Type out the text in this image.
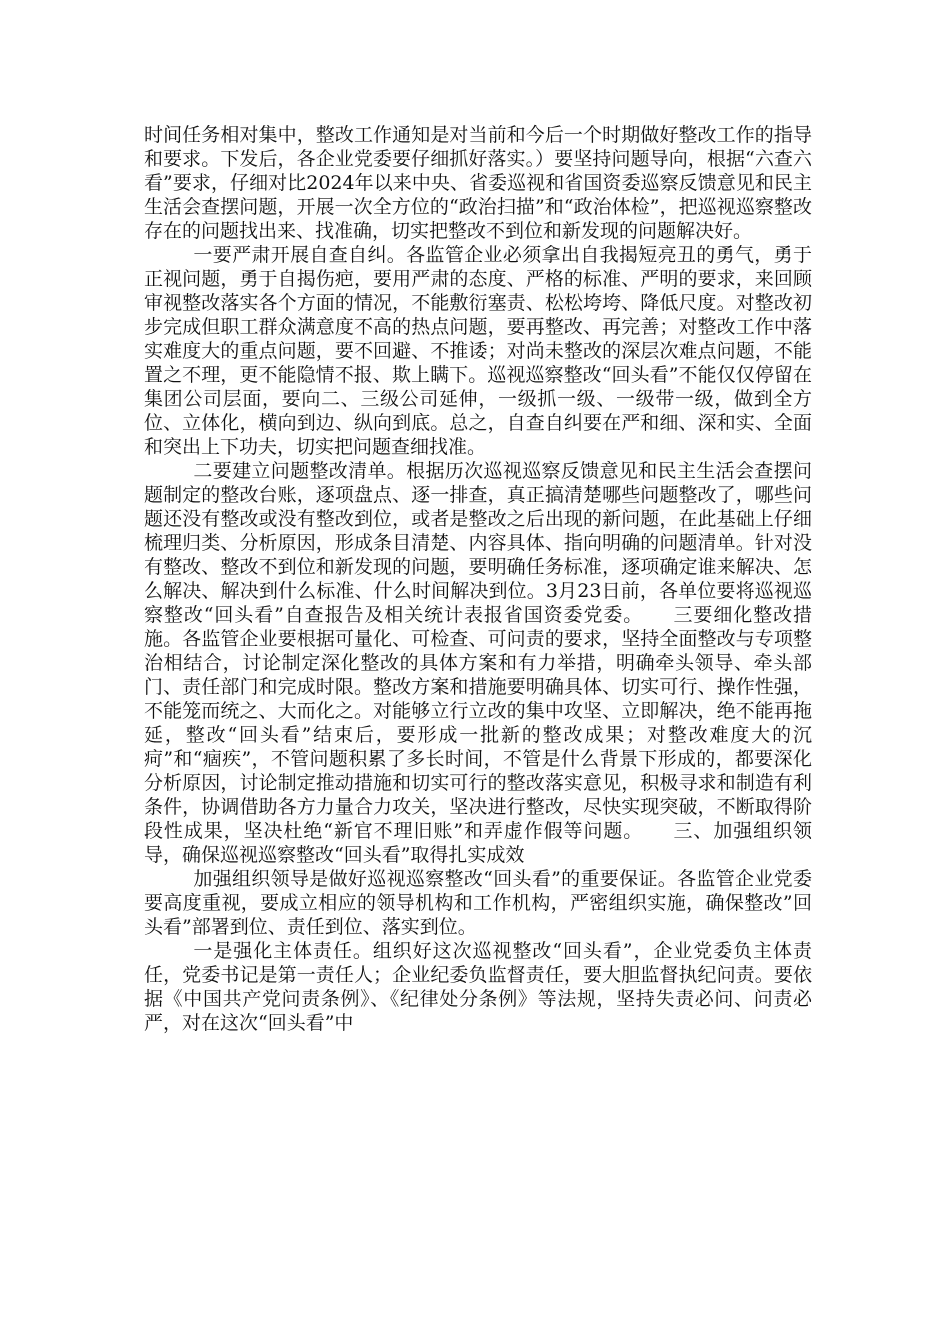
时间任务相对集中，整改工作通知是对当前和今后一个时期做好整改工作的指导和要求。下发后，各企业党委要仔细抓好落实。）要坚持问题导向，根据“六查六看”要求，仔细对比2024年以来中央、省委巡视和省国资委巡察反馈意见和民主生活会查摆问题，开展一次全方位的“政治扫描”和“政治体检”，把巡视巡察整改存在的问题找出来、找准确，切实把整改不到位和新发现的问题解决好。

一要严肃开展自查自纠。各监管企业必须拿出自我揭短亮丑的勇气，勇于正视问题，勇于自揭伤疤，要用严肃的态度、严格的标准、严明的要求，来回顾审视整改落实各个方面的情况，不能敷衍塞责、松松垮垮、降低尺度。对整改初步完成但职工群众满意度不高的热点问题，要再整改、再完善；对整改工作中落实难度大的重点问题，要不回避、不推诿；对尚未整改的深层次难点问题，不能置之不理，更不能隐情不报、欺上瞒下。巡视巡察整改“回头看”不能仅仅停留在集团公司层面，要向二、三级公司延伸，一级抓一级、一级带一级，做到全方位、立体化，横向到边、纵向到底。总之，自查自纠要在严和细、深和实、全面和突出上下功夫，切实把问题查细找准。

二要建立问题整改清单。根据历次巡视巡察反馈意见和民主生活会查摆问题制定的整改台账，逐项盘点、逐一排查，真正搞清楚哪些问题整改了，哪些问题还没有整改或没有整改到位，或者是整改之后出现的新问题，在此基础上仔细梳理归类、分析原因，形成条目清楚、内容具体、指向明确的问题清单。针对没有整改、整改不到位和新发现的问题，要明确任务标准，逐项确定谁来解决、怎么解决、解决到什么标准、什么时间解决到位。3月23日前，各单位要将巡视巡察整改“回头看”自查报告及相关统计表报省国资委党委。　　三要细化整改措施。各监管企业要根据可量化、可检查、可问责的要求，坚持全面整改与专项整治相结合，讨论制定深化整改的具体方案和有力举措，明确牵头领导、牵头部门、责任部门和完成时限。整改方案和措施要明确具体、切实可行、操作性强，不能笼而统之、大而化之。对能够立行立改的集中攻坚、立即解决，绝不能再拖延，整改“回头看”结束后，要形成一批新的整改成果；对整改难度大的沉疴”和“痼疾”，不管问题积累了多长时间，不管是什么背景下形成的，都要深化分析原因，讨论制定推动措施和切实可行的整改落实意见，积极寻求和制造有利条件，协调借助各方力量合力攻关，坚决进行整改，尽快实现突破，不断取得阶段性成果，坚决杜绝“新官不理旧账”和弄虚作假等问题。　　三、加强组织领导，确保巡视巡察整改“回头看”取得扎实成效

加强组织领导是做好巡视巡察整改“回头看”的重要保证。各监管企业党委要高度重视，要成立相应的领导机构和工作机构，严密组织实施，确保整改”回头看”部署到位、责任到位、落实到位。

一是强化主体责任。组织好这次巡视整改“回头看”，企业党委负主体责任，党委书记是第一责任人；企业纪委负监督责任，要大胆监督执纪问责。要依据《中国共产党问责条例》、《纪律处分条例》等法规，坚持失责必问、问责必严，对在这次“回头看”中
